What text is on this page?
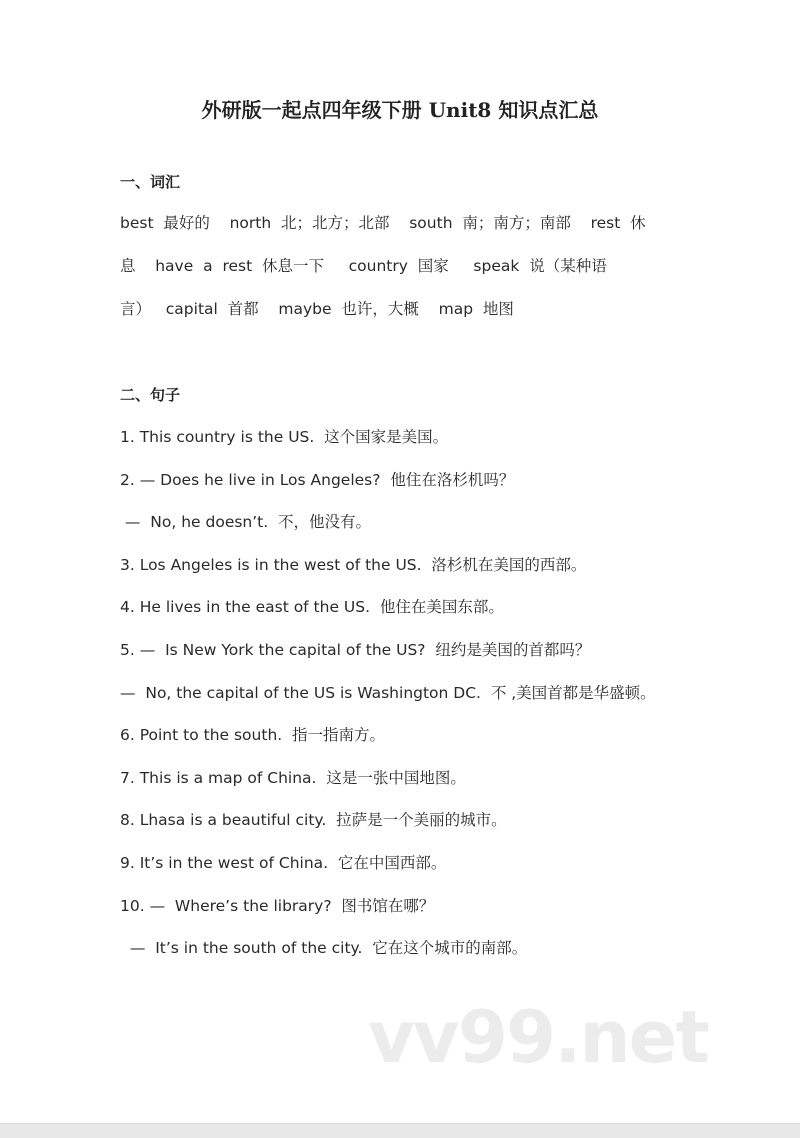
外研版一起点四年级下册 Unit8 知识点汇总
一、词汇
best  最好的    north  北；北方；北部    south  南；南方；南部    rest  休
息    have  a  rest  休息一下     country  国家     speak  说（某种语
言）   capital  首都    maybe  也许，大概    map  地图
二、句子
1. This country is the US.  这个国家是美国。
2. — Does he live in Los Angeles?  他住在洛杉机吗？
—  No, he doesn’t.  不，他没有。
3. Los Angeles is in the west of the US.  洛杉机在美国的西部。
4. He lives in the east of the US.  他住在美国东部。
5. —  Is New York the capital of the US?  纽约是美国的首都吗？
—  No, the capital of the US is Washington DC.  不 ,美国首都是华盛顿。
6. Point to the south.  指一指南方。
7. This is a map of China.  这是一张中国地图。
8. Lhasa is a beautiful city.  拉萨是一个美丽的城市。
9. It’s in the west of China.  它在中国西部。
10. —  Where’s the library?  图书馆在哪？
—  It’s in the south of the city.  它在这个城市的南部。
vv99.net
